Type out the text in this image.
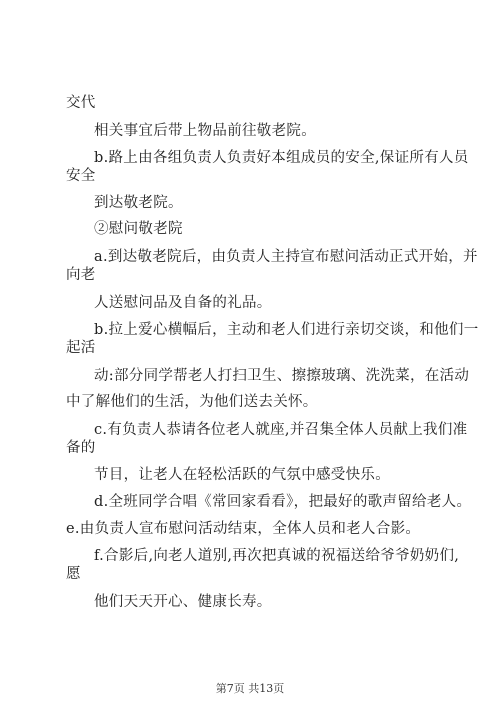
交代
相关事宜后带上物品前往敬老院。
b.路上由各组负责人负责好本组成员的安全,保证所有人员
安全
到达敬老院。
②慰问敬老院
a.到达敬老院后，由负责人主持宣布慰问活动正式开始，并
向老
人送慰问品及自备的礼品。
b.拉上爱心横幅后，主动和老人们进行亲切交谈，和他们一
起活
动:部分同学帮老人打扫卫生、擦擦玻璃、洗洗菜，在活动
中了解他们的生活，为他们送去关怀。
c.有负责人恭请各位老人就座,并召集全体人员献上我们准
备的
节目，让老人在轻松活跃的气氛中感受快乐。
d.全班同学合唱《常回家看看》，把最好的歌声留给老人。
e.由负责人宣布慰问活动结束，全体人员和老人合影。
f.合影后,向老人道别,再次把真诚的祝福送给爷爷奶奶们,
愿
他们天天开心、健康长寿。
第7页 共13页
